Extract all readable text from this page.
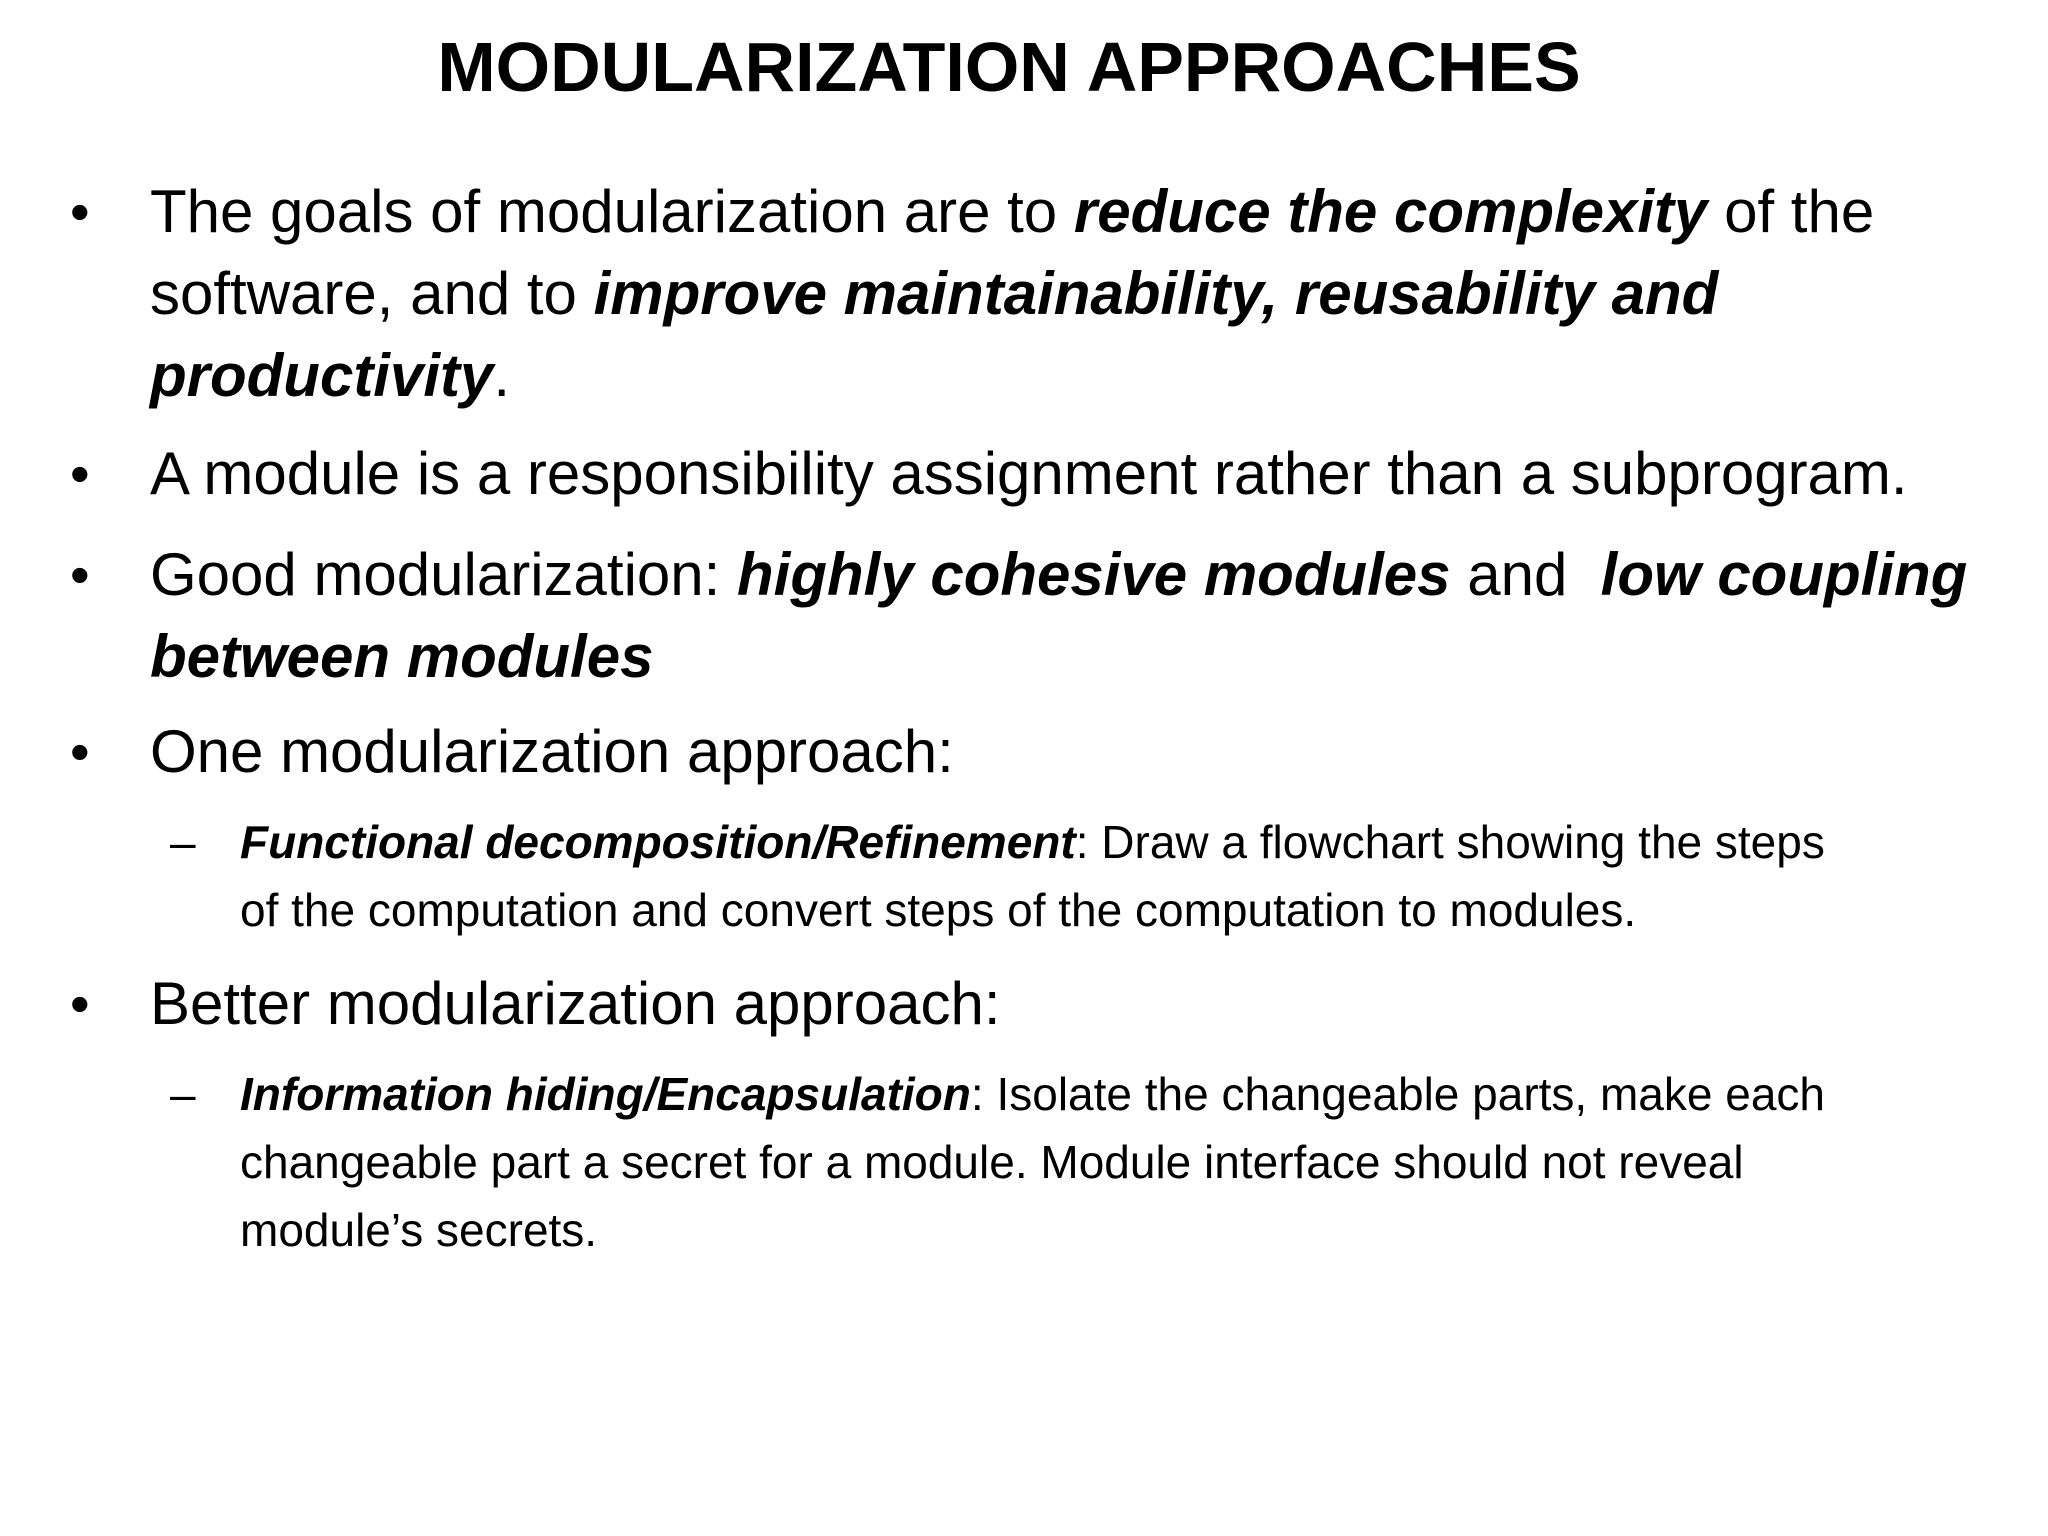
MODULARIZATION APPROACHES
• The goals of modularization are to reduce the complexity of the
software, and to improve maintainability, reusability and
productivity.
• A module is a responsibility assignment rather than a subprogram.
• Good modularization: highly cohesive modules and  low coupling
between modules
• One modularization approach:
– Functional decomposition/Refinement: Draw a flowchart showing the steps
of the computation and convert steps of the computation to modules.
• Better modularization approach:
– Information hiding/Encapsulation: Isolate the changeable parts, make each
changeable part a secret for a module. Module interface should not reveal
module’s secrets.
